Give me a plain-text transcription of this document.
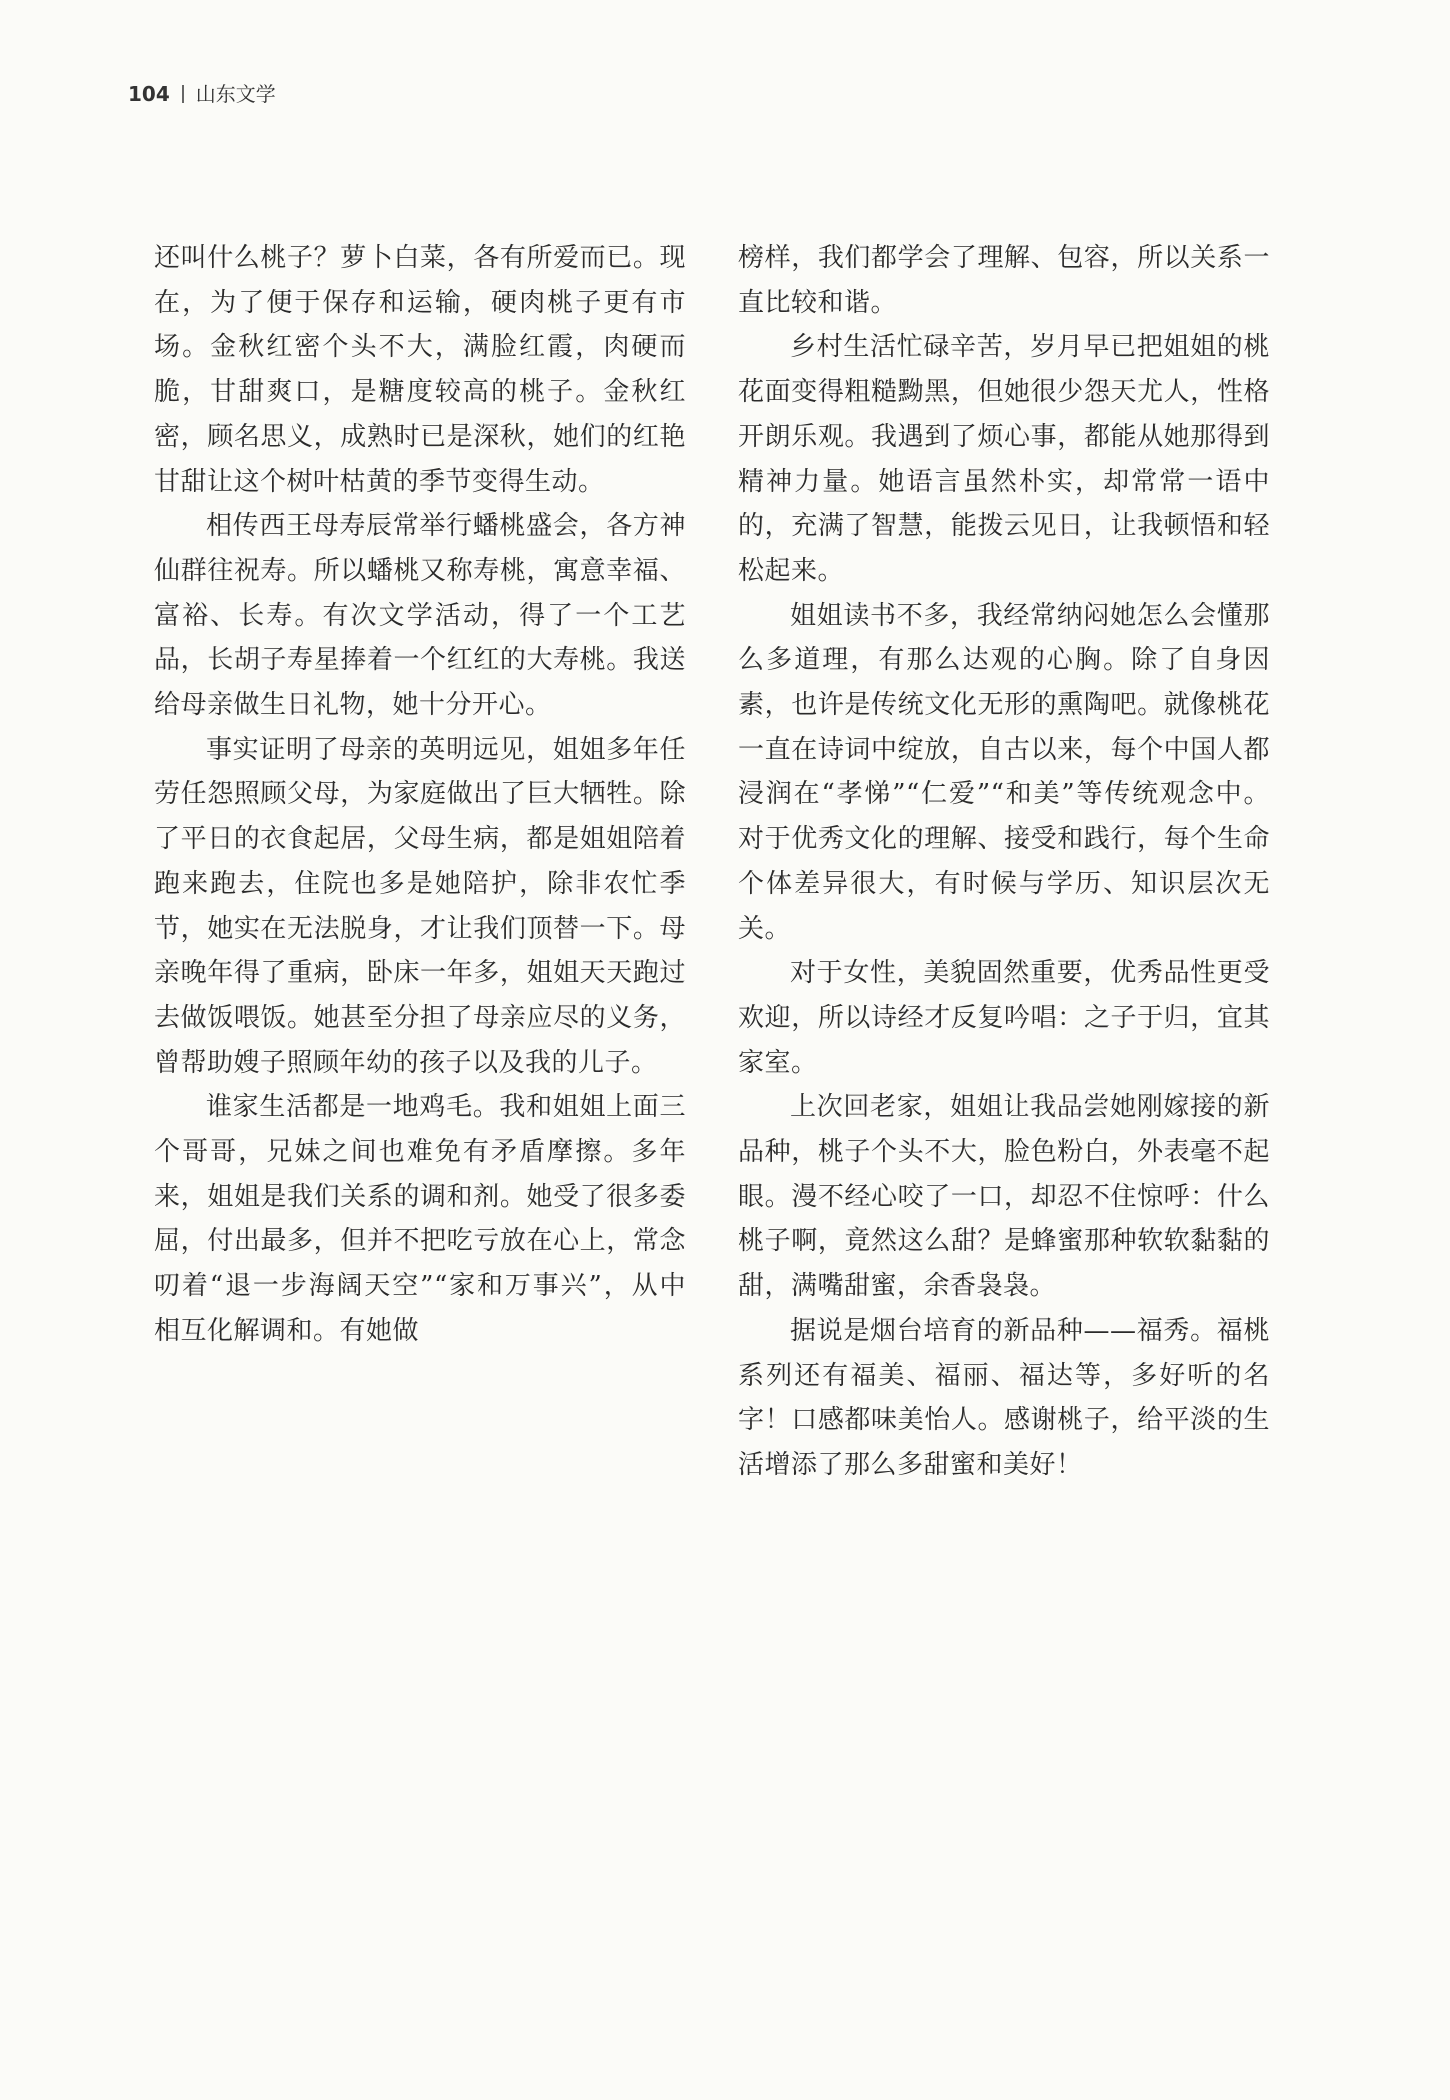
104 山东文学

还叫什么桃子？萝卜白菜，各有所爱而已。现在，为了便于保存和运输，硬肉桃子更有市场。金秋红密个头不大，满脸红霞，肉硬而脆，甘甜爽口，是糖度较高的桃子。金秋红密，顾名思义，成熟时已是深秋，她们的红艳甘甜让这个树叶枯黄的季节变得生动。

相传西王母寿辰常举行蟠桃盛会，各方神仙群往祝寿。所以蟠桃又称寿桃，寓意幸福、富裕、长寿。有次文学活动，得了一个工艺品，长胡子寿星捧着一个红红的大寿桃。我送给母亲做生日礼物，她十分开心。

事实证明了母亲的英明远见，姐姐多年任劳任怨照顾父母，为家庭做出了巨大牺牲。除了平日的衣食起居，父母生病，都是姐姐陪着跑来跑去，住院也多是她陪护，除非农忙季节，她实在无法脱身，才让我们顶替一下。母亲晚年得了重病，卧床一年多，姐姐天天跑过去做饭喂饭。她甚至分担了母亲应尽的义务，曾帮助嫂子照顾年幼的孩子以及我的儿子。

谁家生活都是一地鸡毛。我和姐姐上面三个哥哥，兄妹之间也难免有矛盾摩擦。多年来，姐姐是我们关系的调和剂。她受了很多委屈，付出最多，但并不把吃亏放在心上，常念叨着“退一步海阔天空”“家和万事兴”，从中相互化解调和。有她做

榜样，我们都学会了理解、包容，所以关系一直比较和谐。

乡村生活忙碌辛苦，岁月早已把姐姐的桃花面变得粗糙黝黑，但她很少怨天尤人，性格开朗乐观。我遇到了烦心事，都能从她那得到精神力量。她语言虽然朴实，却常常一语中的，充满了智慧，能拨云见日，让我顿悟和轻松起来。

姐姐读书不多，我经常纳闷她怎么会懂那么多道理，有那么达观的心胸。除了自身因素，也许是传统文化无形的熏陶吧。就像桃花一直在诗词中绽放，自古以来，每个中国人都浸润在“孝悌”“仁爱”“和美”等传统观念中。对于优秀文化的理解、接受和践行，每个生命个体差异很大，有时候与学历、知识层次无关。

对于女性，美貌固然重要，优秀品性更受欢迎，所以诗经才反复吟唱：之子于归，宜其家室。

上次回老家，姐姐让我品尝她刚嫁接的新品种，桃子个头不大，脸色粉白，外表毫不起眼。漫不经心咬了一口，却忍不住惊呼：什么桃子啊，竟然这么甜？是蜂蜜那种软软黏黏的甜，满嘴甜蜜，余香袅袅。

据说是烟台培育的新品种——福秀。福桃系列还有福美、福丽、福达等，多好听的名字！口感都味美怡人。感谢桃子，给平淡的生活增添了那么多甜蜜和美好！
